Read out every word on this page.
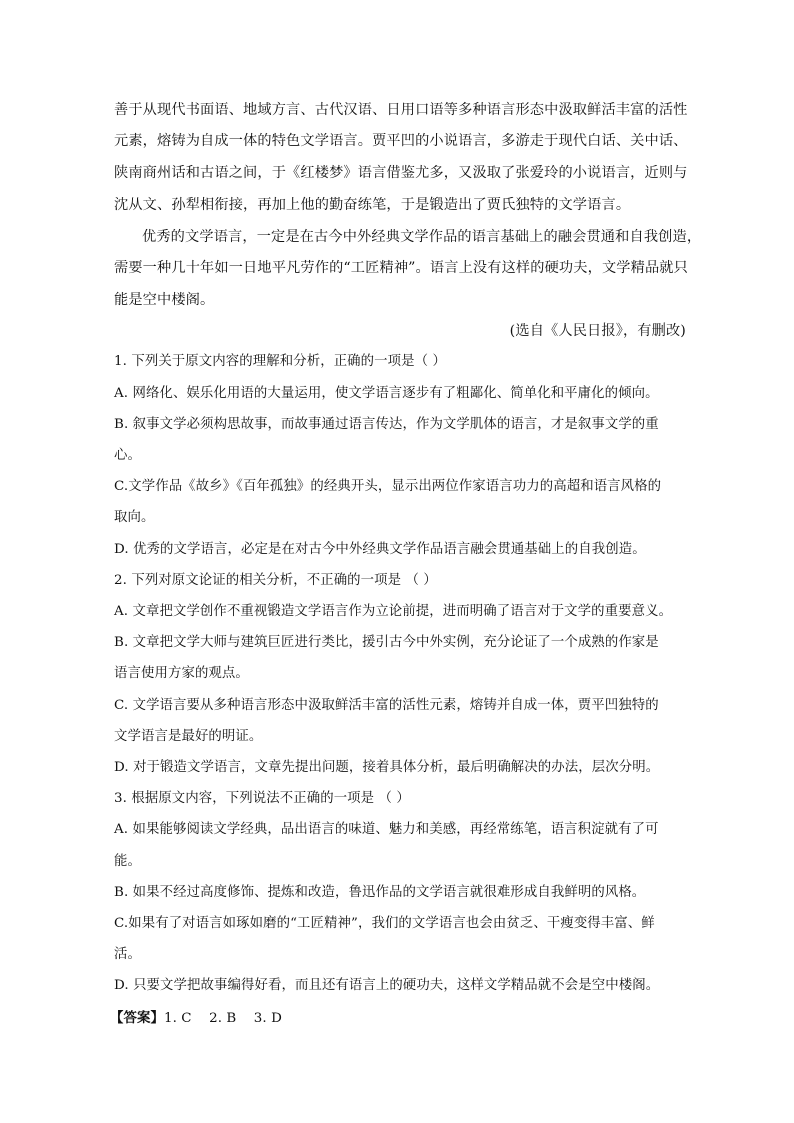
善于从现代书面语、地域方言、古代汉语、日用口语等多种语言形态中汲取鲜活丰富的活性
元素，熔铸为自成一体的特色文学语言。贾平凹的小说语言，多游走于现代白话、关中话、
陕南商州话和古语之间，于《红楼梦》语言借鉴尤多，又汲取了张爱玲的小说语言，近则与
沈从文、孙犁相衔接，再加上他的勤奋练笔，于是锻造出了贾氏独特的文学语言。
优秀的文学语言，一定是在古今中外经典文学作品的语言基础上的融会贯通和自我创造，
需要一种几十年如一日地平凡劳作的“工匠精神”。语言上没有这样的硬功夫，文学精品就只
能是空中楼阁。
(选自《人民日报》，有删改)
1. 下列关于原文内容的理解和分析，正确的一项是（ ）
A. 网络化、娱乐化用语的大量运用，使文学语言逐步有了粗鄙化、简单化和平庸化的倾向。
B. 叙事文学必须构思故事，而故事通过语言传达，作为文学肌体的语言，才是叙事文学的重
心。
C.文学作品《故乡》《百年孤独》的经典开头，显示出两位作家语言功力的高超和语言风格的
取向。
D. 优秀的文学语言，必定是在对古今中外经典文学作品语言融会贯通基础上的自我创造。
2. 下列对原文论证的相关分析，不正确的一项是 （ ）
A. 文章把文学创作不重视锻造文学语言作为立论前提，进而明确了语言对于文学的重要意义。
B. 文章把文学大师与建筑巨匠进行类比，援引古今中外实例，充分论证了一个成熟的作家是
语言使用方家的观点。
C. 文学语言要从多种语言形态中汲取鲜活丰富的活性元素，熔铸并自成一体，贾平凹独特的
文学语言是最好的明证。
D. 对于锻造文学语言，文章先提出问题，接着具体分析，最后明确解决的办法，层次分明。
3. 根据原文内容，下列说法不正确的一项是 （ ）
A. 如果能够阅读文学经典，品出语言的味道、魅力和美感，再经常练笔，语言积淀就有了可
能。
B. 如果不经过高度修饰、提炼和改造，鲁迅作品的文学语言就很难形成自我鲜明的风格。
C.如果有了对语言如琢如磨的“工匠精神”，我们的文学语言也会由贫乏、干瘦变得丰富、鲜
活。
D. 只要文学把故事编得好看，而且还有语言上的硬功夫，这样文学精品就不会是空中楼阁。
【答案】1. C    2. B    3. D
